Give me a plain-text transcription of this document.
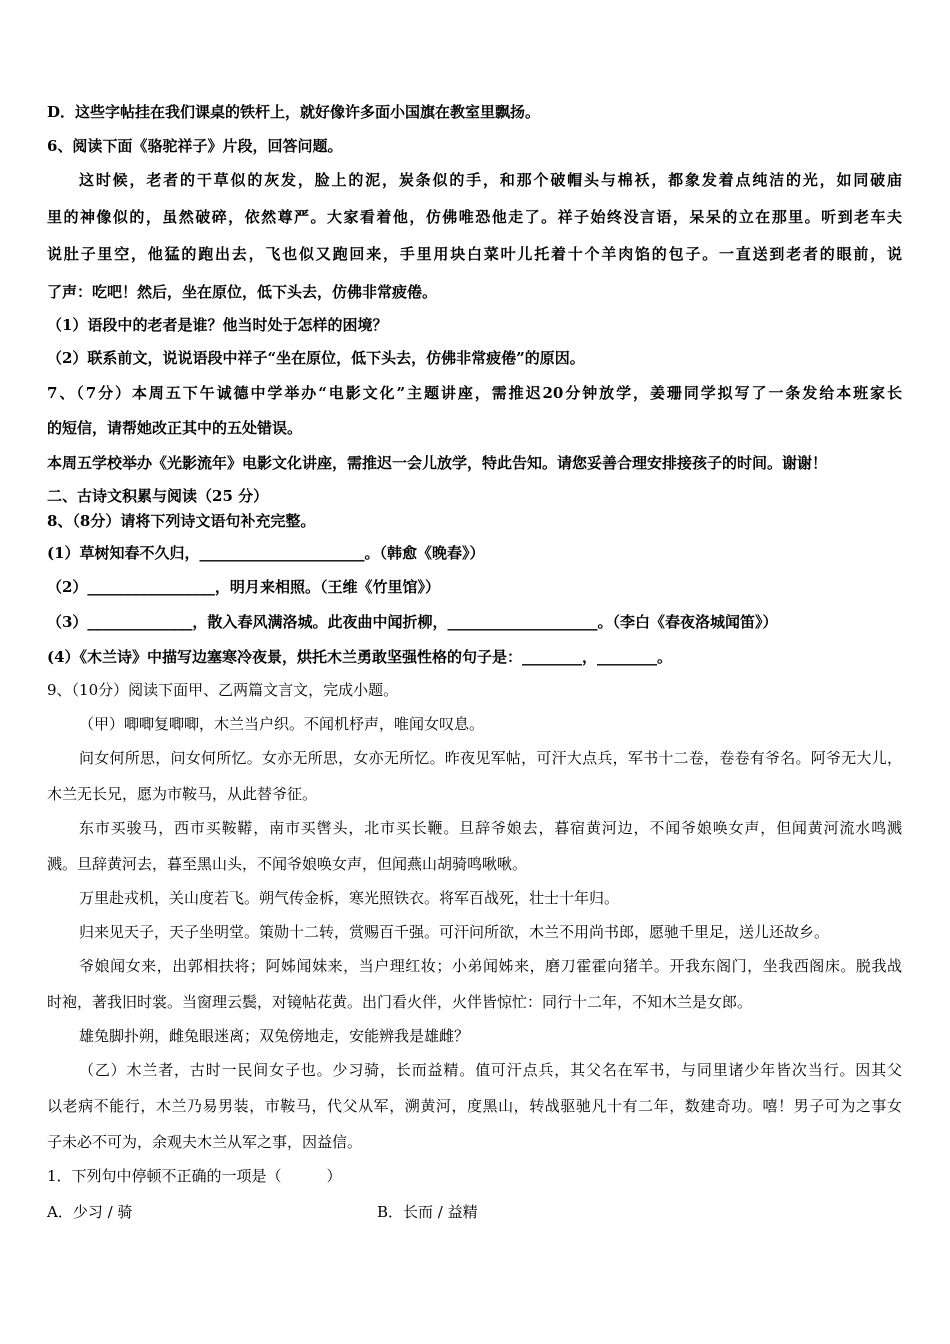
D．这些字帖挂在我们课桌的铁杆上，就好像许多面小国旗在教室里飘扬。
6、阅读下面《骆驼祥子》片段，回答问题。
这时候，老者的干草似的灰发，脸上的泥，炭条似的手，和那个破帽头与棉袄，都象发着点纯洁的光，如同破庙
里的神像似的，虽然破碎，依然尊严。大家看着他，仿佛唯恐他走了。祥子始终没言语，呆呆的立在那里。听到老车夫
说肚子里空，他猛的跑出去，飞也似又跑回来，手里用块白菜叶儿托着十个羊肉馅的包子。一直送到老者的眼前，说
了声：吃吧！然后，坐在原位，低下头去，仿佛非常疲倦。
（1）语段中的老者是谁？他当时处于怎样的困境？
（2）联系前文，说说语段中祥子“坐在原位，低下头去，仿佛非常疲倦”的原因。
7、（7分）本周五下午诚德中学举办“电影文化”主题讲座，需推迟20分钟放学，姜珊同学拟写了一条发给本班家长
的短信，请帮她改正其中的五处错误。
本周五学校举办《光影流年》电影文化讲座，需推迟一会儿放学，特此告知。请您妥善合理安排接孩子的时间。谢谢！
二、古诗文积累与阅读（25 分）
8、（8分）请将下列诗文语句补充完整。
(1）草树知春不久归，______________________。（韩愈《晚春》）
（2）_________________，明月来相照。（王维《竹里馆》）
（3）______________，散入春风满洛城。此夜曲中闻折柳，____________________。（李白《春夜洛城闻笛》）
(4）《木兰诗》中描写边塞寒冷夜景，烘托木兰勇敢坚强性格的句子是：________，________。
9、（10分）阅读下面甲、乙两篇文言文，完成小题。
（甲）唧唧复唧唧，木兰当户织。不闻机杼声，唯闻女叹息。
问女何所思，问女何所忆。女亦无所思，女亦无所忆。昨夜见军帖，可汗大点兵，军书十二卷，卷卷有爷名。阿爷无大儿，
木兰无长兄，愿为市鞍马，从此替爷征。
东市买骏马，西市买鞍鞯，南市买辔头，北市买长鞭。旦辞爷娘去，暮宿黄河边，不闻爷娘唤女声，但闻黄河流水鸣溅
溅。旦辞黄河去，暮至黑山头，不闻爷娘唤女声，但闻燕山胡骑鸣啾啾。
万里赴戎机，关山度若飞。朔气传金柝，寒光照铁衣。将军百战死，壮士十年归。
归来见天子，天子坐明堂。策勋十二转，赏赐百千强。可汗问所欲，木兰不用尚书郎，愿驰千里足，送儿还故乡。
爷娘闻女来，出郭相扶将；阿姊闻妹来，当户理红妆；小弟闻姊来，磨刀霍霍向猪羊。开我东阁门，坐我西阁床。脱我战
时袍，著我旧时裳。当窗理云鬓，对镜帖花黄。出门看火伴，火伴皆惊忙：同行十二年，不知木兰是女郎。
雄兔脚扑朔，雌兔眼迷离；双兔傍地走，安能辨我是雄雌？
（乙）木兰者，古时一民间女子也。少习骑，长而益精。值可汗点兵，其父名在军书，与同里诸少年皆次当行。因其父
以老病不能行，木兰乃易男装，市鞍马，代父从军，溯黄河，度黑山，转战驱驰凡十有二年，数建奇功。嘻！男子可为之事女
子未必不可为，余观夫木兰从军之事，因益信。
1．下列句中停顿不正确的一项是（　　　）
A．少习 / 骑	B．长而 / 益精
